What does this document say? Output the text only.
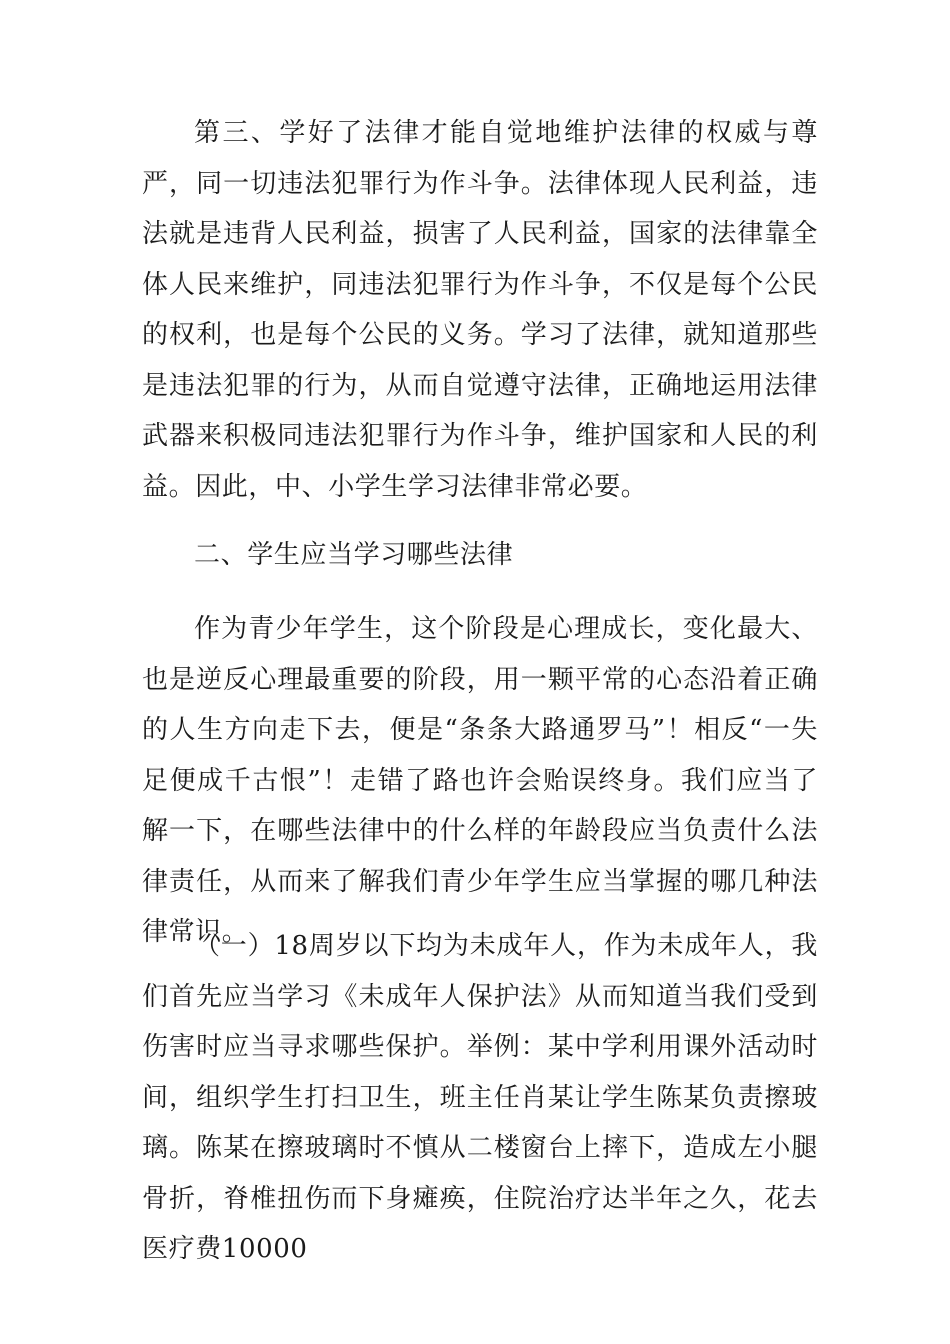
第三、学好了法律才能自觉地维护法律的权威与尊严，同一切违法犯罪行为作斗争。法律体现人民利益，违法就是违背人民利益，损害了人民利益，国家的法律靠全体人民来维护，同违法犯罪行为作斗争，不仅是每个公民的权利，也是每个公民的义务。学习了法律，就知道那些是违法犯罪的行为，从而自觉遵守法律，正确地运用法律武器来积极同违法犯罪行为作斗争，维护国家和人民的利益。因此，中、小学生学习法律非常必要。

二、学生应当学习哪些法律

作为青少年学生，这个阶段是心理成长，变化最大、也是逆反心理最重要的阶段，用一颗平常的心态沿着正确的人生方向走下去，便是“条条大路通罗马”！相反“一失足便成千古恨”！走错了路也许会贻误终身。我们应当了解一下，在哪些法律中的什么样的年龄段应当负责什么法律责任，从而来了解我们青少年学生应当掌握的哪几种法律常识。

（一）18周岁以下均为未成年人，作为未成年人，我们首先应当学习《未成年人保护法》从而知道当我们受到伤害时应当寻求哪些保护。举例：某中学利用课外活动时间，组织学生打扫卫生，班主任肖某让学生陈某负责擦玻璃。陈某在擦玻璃时不慎从二楼窗台上摔下，造成左小腿骨折，脊椎扭伤而下身瘫痪，住院治疗达半年之久，花去医疗费10000
